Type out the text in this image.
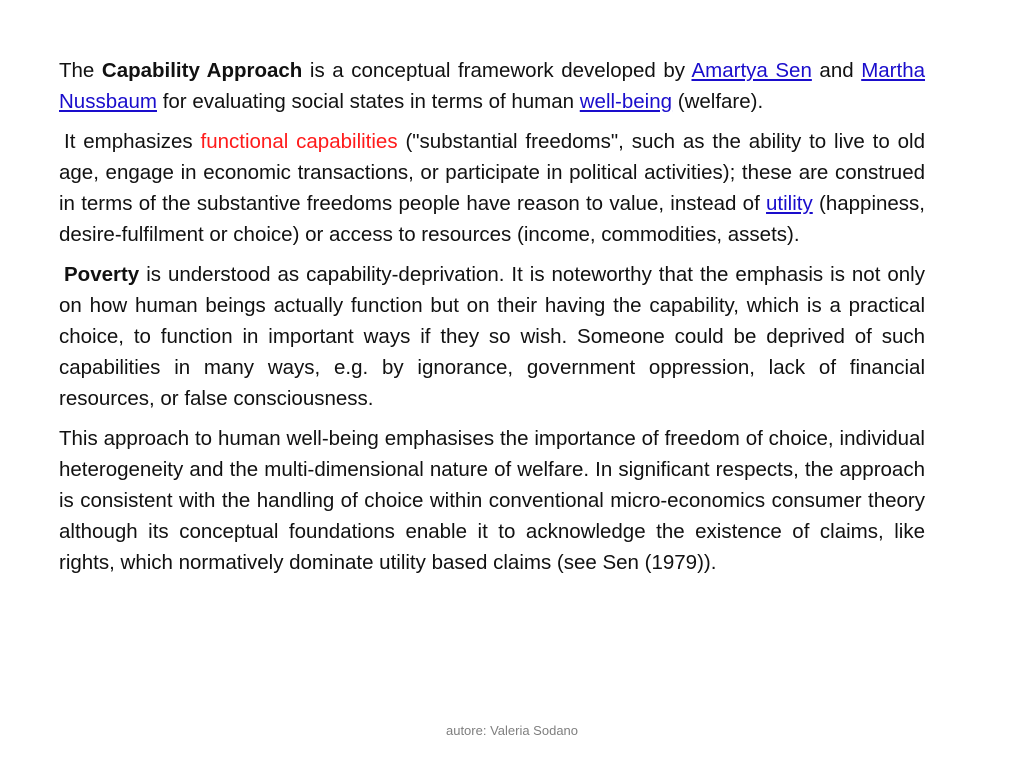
The Capability Approach is a conceptual framework developed by Amartya Sen and Martha Nussbaum for evaluating social states in terms of human well-being (welfare).

It emphasizes functional capabilities ("substantial freedoms", such as the ability to live to old age, engage in economic transactions, or participate in political activities); these are construed in terms of the substantive freedoms people have reason to value, instead of utility (happiness, desire-fulfilment or choice) or access to resources (income, commodities, assets).

Poverty is understood as capability-deprivation. It is noteworthy that the emphasis is not only on how human beings actually function but on their having the capability, which is a practical choice, to function in important ways if they so wish. Someone could be deprived of such capabilities in many ways, e.g. by ignorance, government oppression, lack of financial resources, or false consciousness.

This approach to human well-being emphasises the importance of freedom of choice, individual heterogeneity and the multi-dimensional nature of welfare. In significant respects, the approach is consistent with the handling of choice within conventional micro-economics consumer theory although its conceptual foundations enable it to acknowledge the existence of claims, like rights, which normatively dominate utility based claims (see Sen (1979)).

autore: Valeria Sodano
